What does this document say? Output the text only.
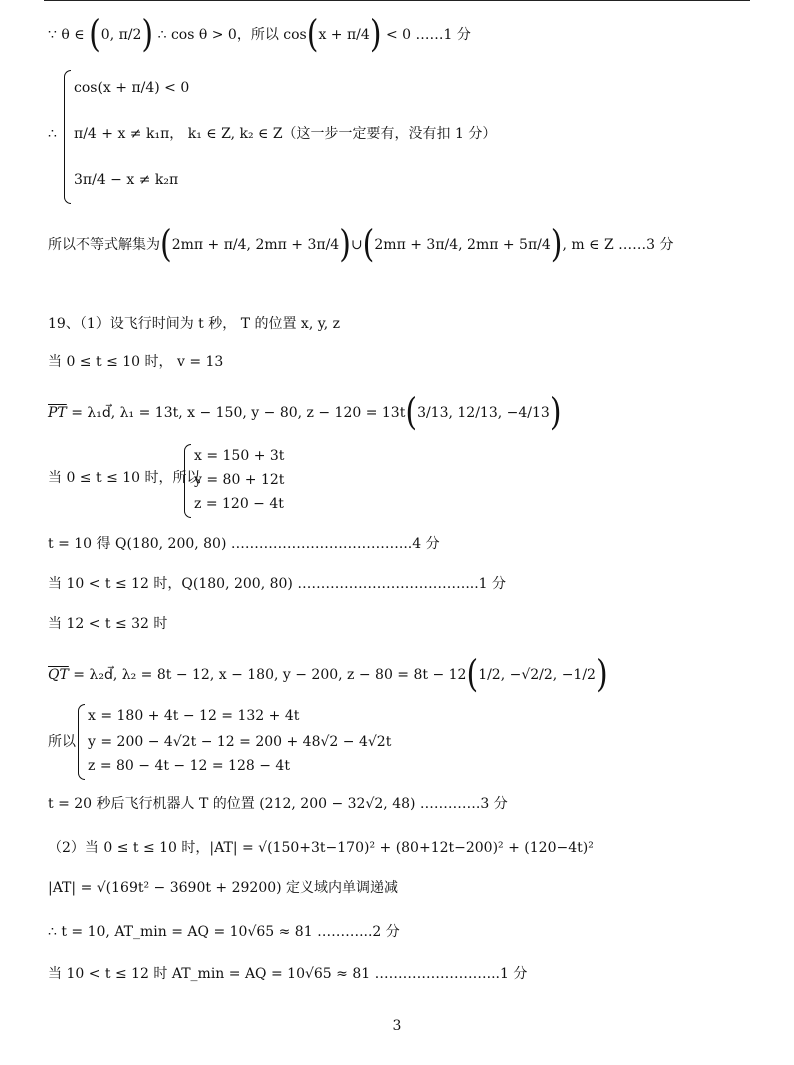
∵ θ ∈ (0, π/2) ∴ cos θ > 0，所以 cos(x + π/4) < 0 ……1 分
∴
cos(x + π/4) < 0
π/4 + x ≠ k₁π， k₁ ∈ Z, k₂ ∈ Z（这一步一定要有，没有扣 1 分）
3π/4 − x ≠ k₂π
所以不等式解集为(2mπ + π/4, 2mπ + 3π/4)∪(2mπ + 3π/4, 2mπ + 5π/4), m ∈ Z ……3 分
19、（1）设飞行时间为 t 秒， T 的位置 x, y, z
当 0 ≤ t ≤ 10 时， v = 13
$\overline{PT}$ = λ₁d⃗, λ₁ = 13t, x − 150, y − 80, z − 120 = 13t(3/13, 12/13, −4/13)
当 0 ≤ t ≤ 10 时，所以
x = 150 + 3t
y = 80 + 12t
z = 120 − 4t
t = 10 得 Q(180, 200, 80) ………………………………...4 分
当 10 < t ≤ 12 时，Q(180, 200, 80) ………………………………...1 分
当 12 < t ≤ 32 时
$\overline{QT}$ = λ₂d⃗, λ₂ = 8t − 12, x − 180, y − 200, z − 80 = 8t − 12(1/2, −√2/2, −1/2)
所以
x = 180 + 4t − 12 = 132 + 4t
y = 200 − 4√2t − 12 = 200 + 48√2 − 4√2t
z = 80 − 4t − 12 = 128 − 4t
t = 20 秒后飞行机器人 T 的位置 (212, 200 − 32√2, 48) ………….3 分
（2）当 0 ≤ t ≤ 10 时，|AT| = √(150+3t−170)² + (80+12t−200)² + (120−4t)²
|AT| = √(169t² − 3690t + 29200) 定义域内单调递减
∴ t = 10, AT_min = AQ = 10√65 ≈ 81 ………...2 分
当 10 < t ≤ 12 时 AT_min = AQ = 10√65 ≈ 81 ……………………...1 分
3
